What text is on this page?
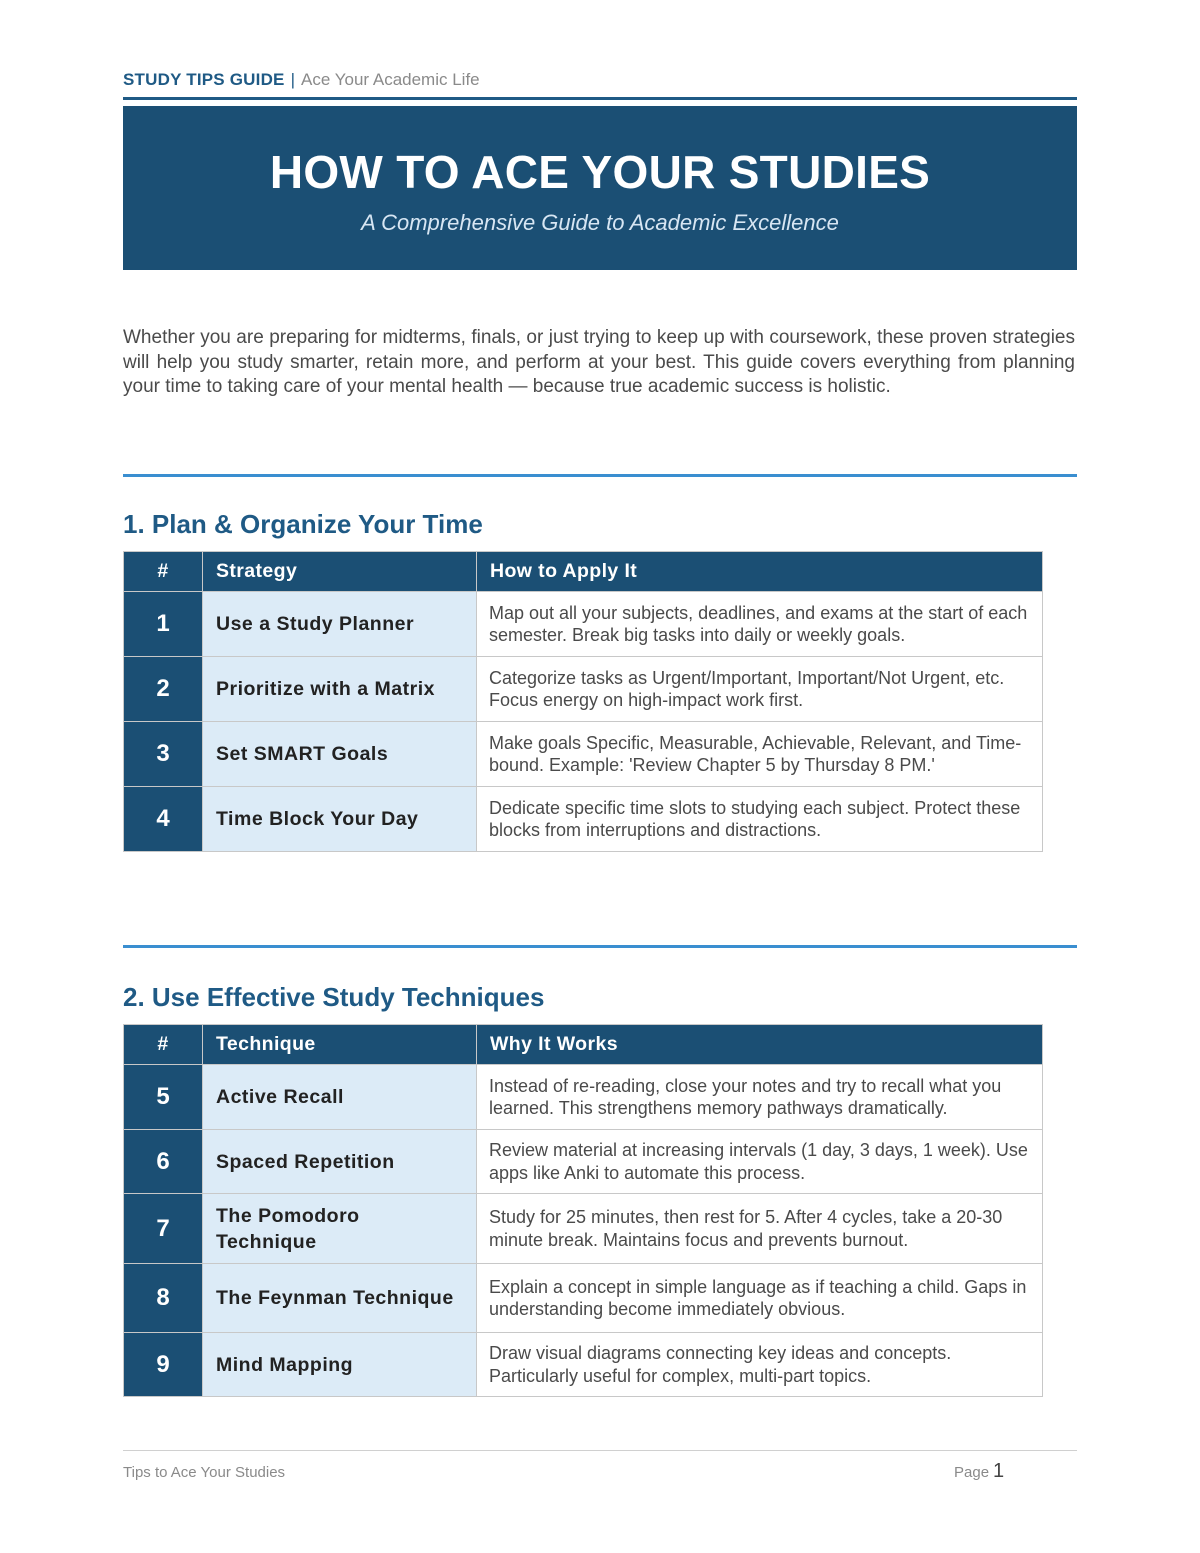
STUDY TIPS GUIDE | Ace Your Academic Life
HOW TO ACE YOUR STUDIES
A Comprehensive Guide to Academic Excellence

Whether you are preparing for midterms, finals, or just trying to keep up with coursework, these proven strategies will help you study smarter, retain more, and perform at your best. This guide covers everything from planning your time to taking care of your mental health — because true academic success is holistic.

1. Plan & Organize Your Time
#	Strategy	How to Apply It
1	Use a Study Planner	Map out all your subjects, deadlines, and exams at the start of each semester. Break big tasks into daily or weekly goals.
2	Prioritize with a Matrix	Categorize tasks as Urgent/Important, Important/Not Urgent, etc. Focus energy on high-impact work first.
3	Set SMART Goals	Make goals Specific, Measurable, Achievable, Relevant, and Time-bound. Example: 'Review Chapter 5 by Thursday 8 PM.'
4	Time Block Your Day	Dedicate specific time slots to studying each subject. Protect these blocks from interruptions and distractions.
2. Use Effective Study Techniques
#	Technique	Why It Works
5	Active Recall	Instead of re-reading, close your notes and try to recall what you learned. This strengthens memory pathways dramatically.
6	Spaced Repetition	Review material at increasing intervals (1 day, 3 days, 1 week). Use apps like Anki to automate this process.
7	The Pomodoro Technique	Study for 25 minutes, then rest for 5. After 4 cycles, take a 20-30 minute break. Maintains focus and prevents burnout.
8	The Feynman Technique	Explain a concept in simple language as if teaching a child. Gaps in understanding become immediately obvious.
9	Mind Mapping	Draw visual diagrams connecting key ideas and concepts. Particularly useful for complex, multi-part topics.
Tips to Ace Your Studies	Page 1
